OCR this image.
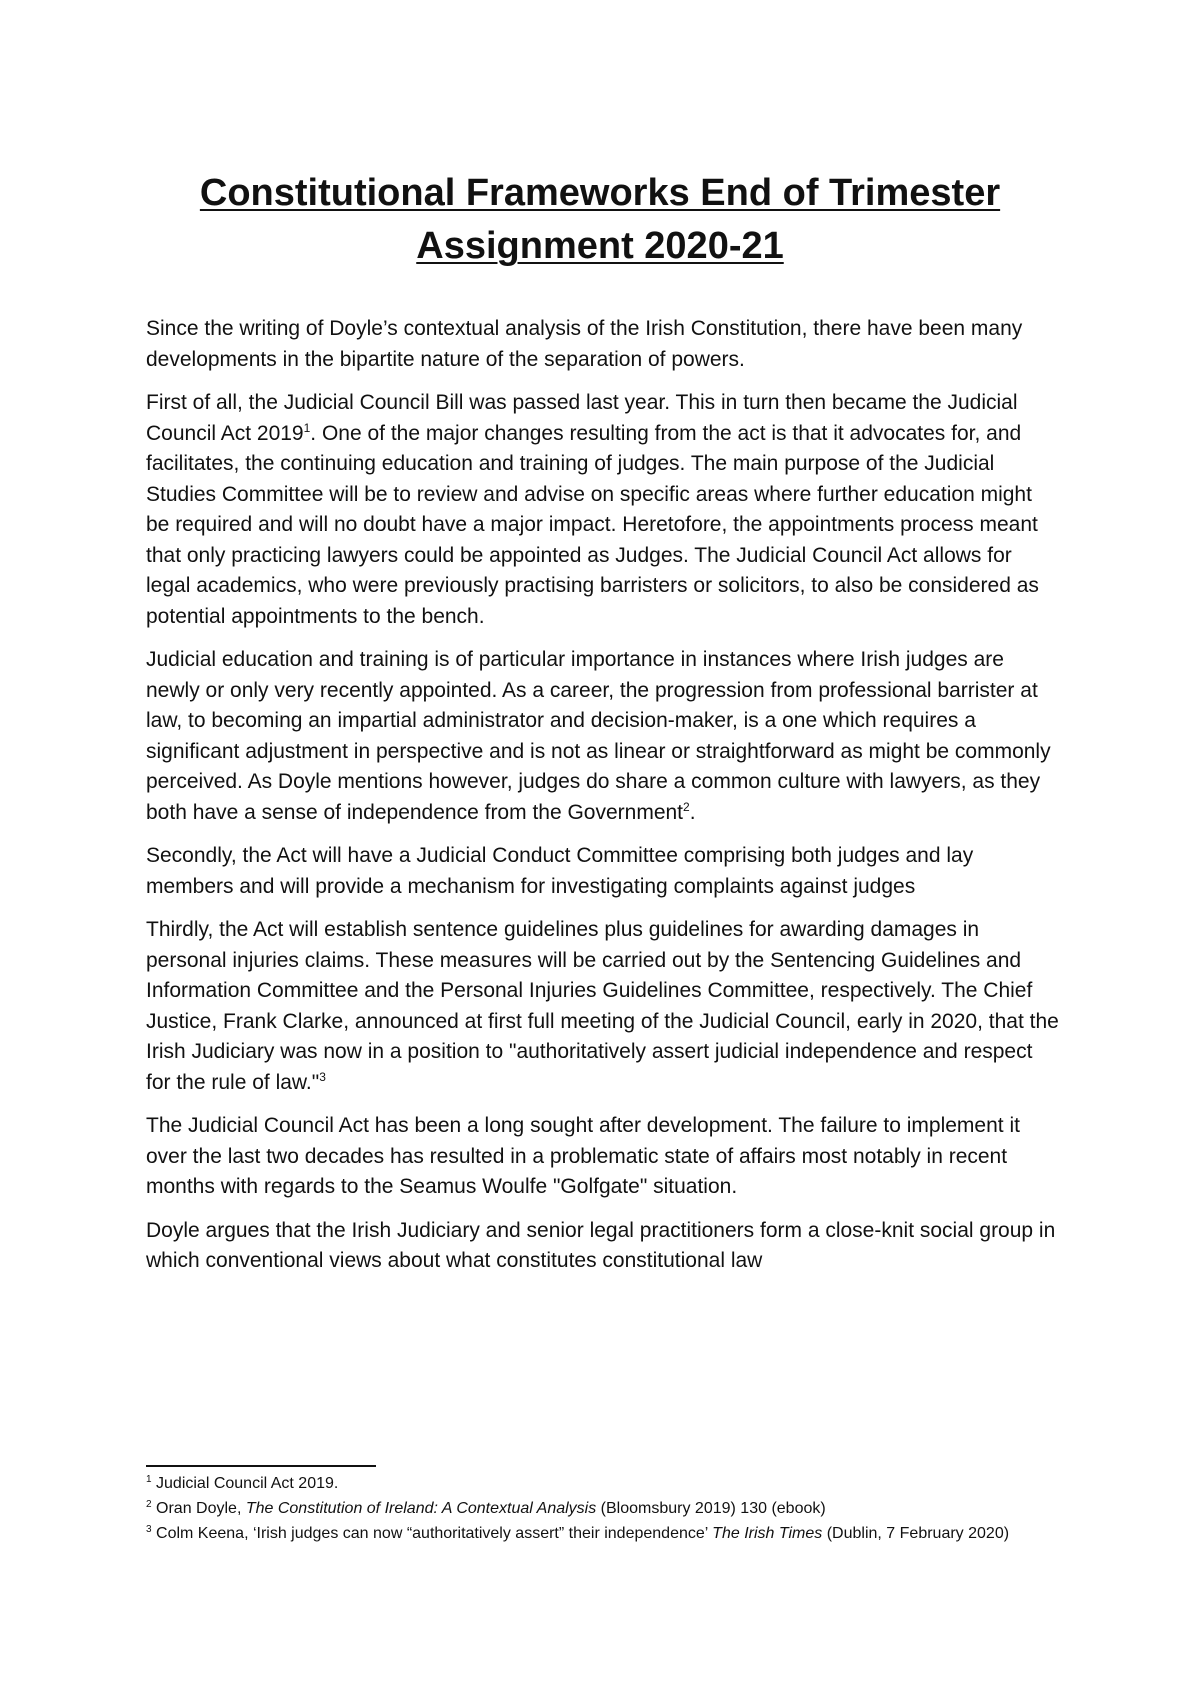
Constitutional Frameworks End of Trimester Assignment 2020-21

Since the writing of Doyle’s contextual analysis of the Irish Constitution, there have been many developments in the bipartite nature of the separation of powers.

First of all, the Judicial Council Bill was passed last year. This in turn then became the Judicial Council Act 2019$^1$. One of the major changes resulting from the act is that it advocates for, and facilitates, the continuing education and training of judges. The main purpose of the Judicial Studies Committee will be to review and advise on specific areas where further education might be required and will no doubt have a major impact. Heretofore, the appointments process meant that only practicing lawyers could be appointed as Judges. The Judicial Council Act allows for legal academics, who were previously practising barristers or solicitors, to also be considered as potential appointments to the bench.

Judicial education and training is of particular importance in instances where Irish judges are newly or only very recently appointed. As a career, the progression from professional barrister at law, to becoming an impartial administrator and decision-maker, is a one which requires a significant adjustment in perspective and is not as linear or straightforward as might be commonly perceived. As Doyle mentions however, judges do share a common culture with lawyers, as they both have a sense of independence from the Government$^2$.

Secondly, the Act will have a Judicial Conduct Committee comprising both judges and lay members and will provide a mechanism for investigating complaints against judges

Thirdly, the Act will establish sentence guidelines plus guidelines for awarding damages in personal injuries claims. These measures will be carried out by the Sentencing Guidelines and Information Committee and the Personal Injuries Guidelines Committee, respectively. The Chief Justice, Frank Clarke, announced at first full meeting of the Judicial Council, early in 2020, that the Irish Judiciary was now in a position to "authoritatively assert judicial independence and respect for the rule of law."$^3$

The Judicial Council Act has been a long sought after development. The failure to implement it over the last two decades has resulted in a problematic state of affairs most notably in recent months with regards to the Seamus Woulfe "Golfgate" situation.

Doyle argues that the Irish Judiciary and senior legal practitioners form a close-knit social group in which conventional views about what constitutes constitutional law

$^1$ Judicial Council Act 2019.

$^2$ Oran Doyle, The Constitution of Ireland: A Contextual Analysis (Bloomsbury 2019) 130 (ebook)

$^3$ Colm Keena, ‘Irish judges can now “authoritatively assert” their independence’ The Irish Times (Dublin, 7 February 2020)
